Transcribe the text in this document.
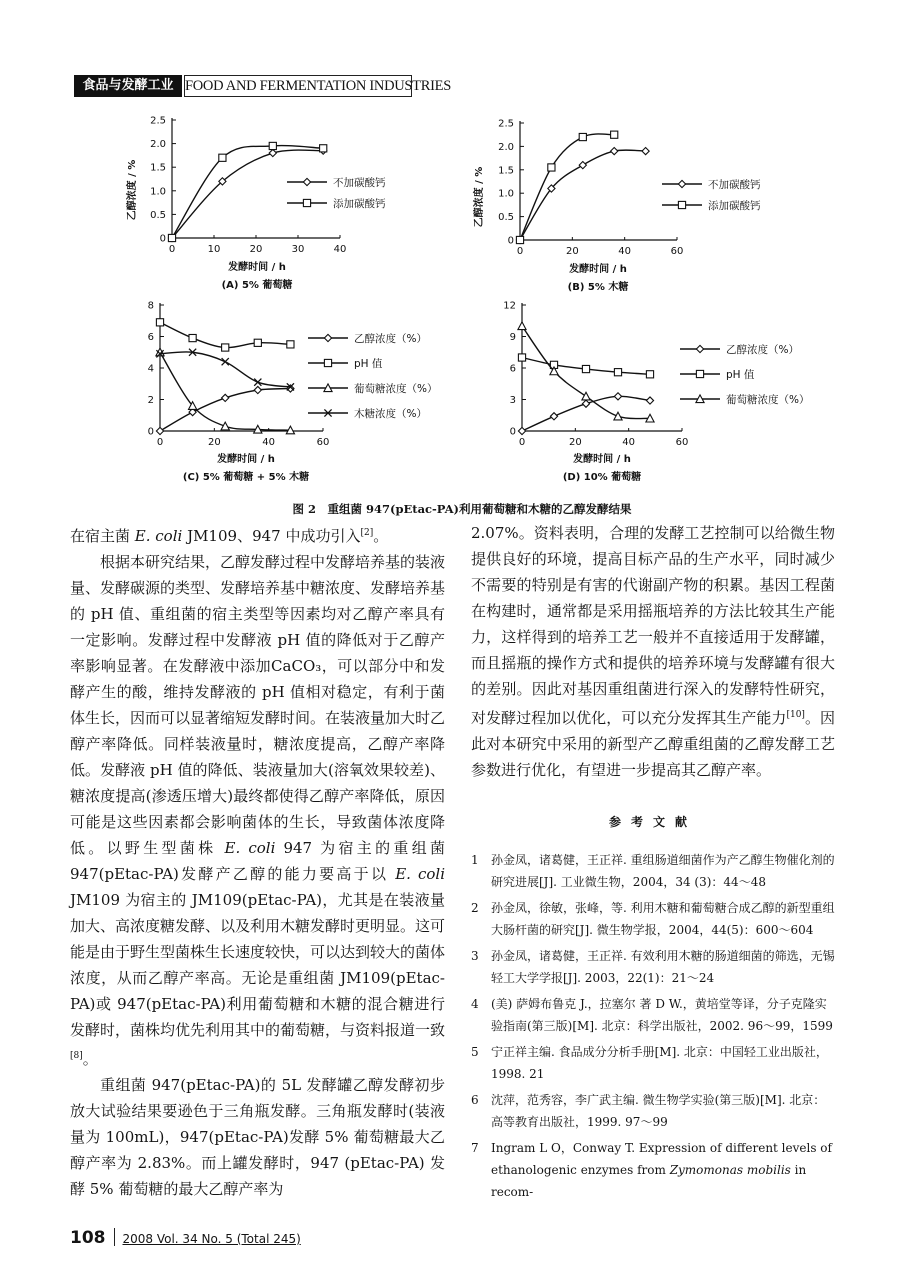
食品与发酵工业 FOOD AND FERMENTATION INDUSTRIES
0	10	20	30	40
0
0.5
1.0
1.5
2.0
2.5
不加碳酸钙
添加碳酸钙
乙醇浓度 / %
发酵时间 / h
(A) 5% 葡萄糖
0	20	40	60
0
0.5
1.0
1.5
2.0
2.5
不加碳酸钙
添加碳酸钙
乙醇浓度 / %
发酵时间 / h
(B) 5% 木糖
0	20	40	60
0
2
4
6
8
乙醇浓度（%）
pH 值
葡萄糖浓度（%）
木糖浓度（%）
发酵时间 / h
(C) 5% 葡萄糖 + 5% 木糖
0	20	40	60
0
3
6
9
12
乙醇浓度（%）
pH 值
葡萄糖浓度（%）
发酵时间 / h
(D) 10% 葡萄糖
图 2　重组菌 947(pEtac-PA)利用葡萄糖和木糖的乙醇发酵结果

在宿主菌 E. coli JM109、947 中成功引入[2]。

根据本研究结果，乙醇发酵过程中发酵培养基的装液量、发酵碳源的类型、发酵培养基中糖浓度、发酵培养基的 pH 值、重组菌的宿主类型等因素均对乙醇产率具有一定影响。发酵过程中发酵液 pH 值的降低对于乙醇产率影响显著。在发酵液中添加CaCO₃，可以部分中和发酵产生的酸，维持发酵液的 pH 值相对稳定，有利于菌体生长，因而可以显著缩短发酵时间。在装液量加大时乙醇产率降低。同样装液量时，糖浓度提高，乙醇产率降低。发酵液 pH 值的降低、装液量加大(溶氧效果较差)、糖浓度提高(渗透压增大)最终都使得乙醇产率降低，原因可能是这些因素都会影响菌体的生长，导致菌体浓度降低。以野生型菌株 E. coli 947 为宿主的重组菌 947(pEtac-PA)发酵产乙醇的能力要高于以 E. coli JM109 为宿主的 JM109(pEtac-PA)，尤其是在装液量加大、高浓度糖发酵、以及利用木糖发酵时更明显。这可能是由于野生型菌株生长速度较快，可以达到较大的菌体浓度，从而乙醇产率高。无论是重组菌 JM109(pEtac-PA)或 947(pEtac-PA)利用葡萄糖和木糖的混合糖进行发酵时，菌株均优先利用其中的葡萄糖，与资料报道一致[8]。

重组菌 947(pEtac-PA)的 5L 发酵罐乙醇发酵初步放大试验结果要逊色于三角瓶发酵。三角瓶发酵时(装液量为 100mL)，947(pEtac-PA)发酵 5% 葡萄糖最大乙醇产率为 2.83%。而上罐发酵时，947 (pEtac-PA) 发酵 5% 葡萄糖的最大乙醇产率为

2.07%。资料表明，合理的发酵工艺控制可以给微生物提供良好的环境，提高目标产品的生产水平，同时减少不需要的特别是有害的代谢副产物的积累。基因工程菌在构建时，通常都是采用摇瓶培养的方法比较其生产能力，这样得到的培养工艺一般并不直接适用于发酵罐，而且摇瓶的操作方式和提供的培养环境与发酵罐有很大的差别。因此对基因重组菌进行深入的发酵特性研究，对发酵过程加以优化，可以充分发挥其生产能力[10]。因此对本研究中采用的新型产乙醇重组菌的乙醇发酵工艺参数进行优化，有望进一步提高其乙醇产率。

参考文献
1 孙金凤，诸葛健，王正祥. 重组肠道细菌作为产乙醇生物催化剂的研究进展[J]. 工业微生物，2004，34 (3)：44～48
2 孙金凤，徐敏，张峰，等. 利用木糖和葡萄糖合成乙醇的新型重组大肠杆菌的研究[J]. 微生物学报，2004，44(5)：600～604
3 孙金凤，诸葛健，王正祥. 有效利用木糖的肠道细菌的筛选，无锡轻工大学学报[J]. 2003，22(1)：21～24
4 (美) 萨姆布鲁克 J.，拉塞尔 著 D W.，黄培堂等译，分子克隆实验指南(第三版)[M]. 北京：科学出版社，2002. 96～99，1599
5 宁正祥主编. 食品成分分析手册[M]. 北京：中国轻工业出版社，1998. 21
6 沈萍，范秀容，李广武主编. 微生物学实验(第三版)[M]. 北京：高等教育出版社，1999. 97～99
7 Ingram L O，Conway T. Expression of different levels of ethanologenic enzymes from Zymomonas mobilis in recom-
108 2008 Vol. 34 No. 5 (Total 245)
